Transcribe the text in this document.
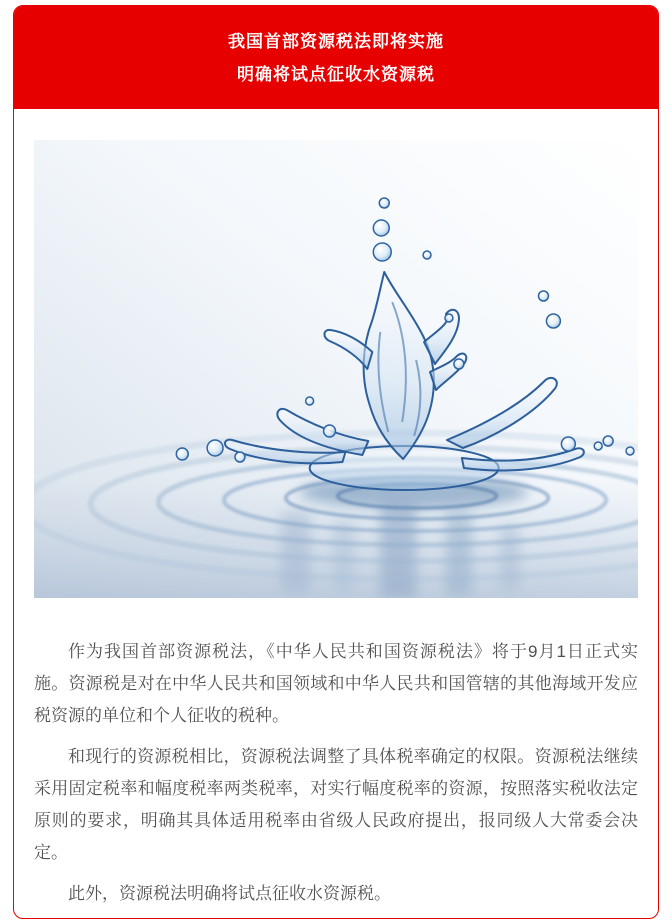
我国首部资源税法即将实施
明确将试点征收水资源税

作为我国首部资源税法，《中华人民共和国资源税法》将于9月1日正式实施。资源税是对在中华人民共和国领域和中华人民共和国管辖的其他海域开发应税资源的单位和个人征收的税种。

和现行的资源税相比，资源税法调整了具体税率确定的权限。资源税法继续采用固定税率和幅度税率两类税率，对实行幅度税率的资源，按照落实税收法定原则的要求，明确其具体适用税率由省级人民政府提出，报同级人大常委会决定。

此外，资源税法明确将试点征收水资源税。
